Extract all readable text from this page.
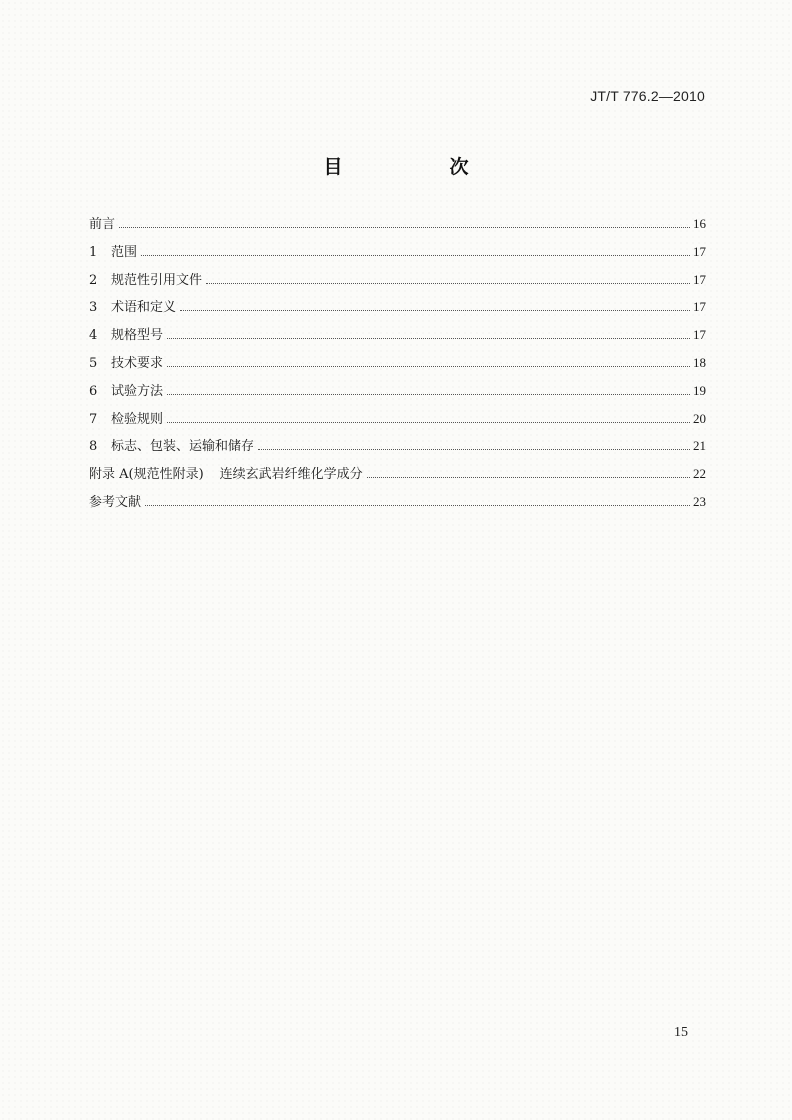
JT/T 776.2—2010
目　次
前言	16
1	范围	17
2	规范性引用文件	17
3	术语和定义	17
4	规格型号	17
5	技术要求	18
6	试验方法	19
7	检验规则	20
8	标志、包装、运输和储存	21
附录 A(规范性附录) 连续玄武岩纤维化学成分	22
参考文献	23
15
